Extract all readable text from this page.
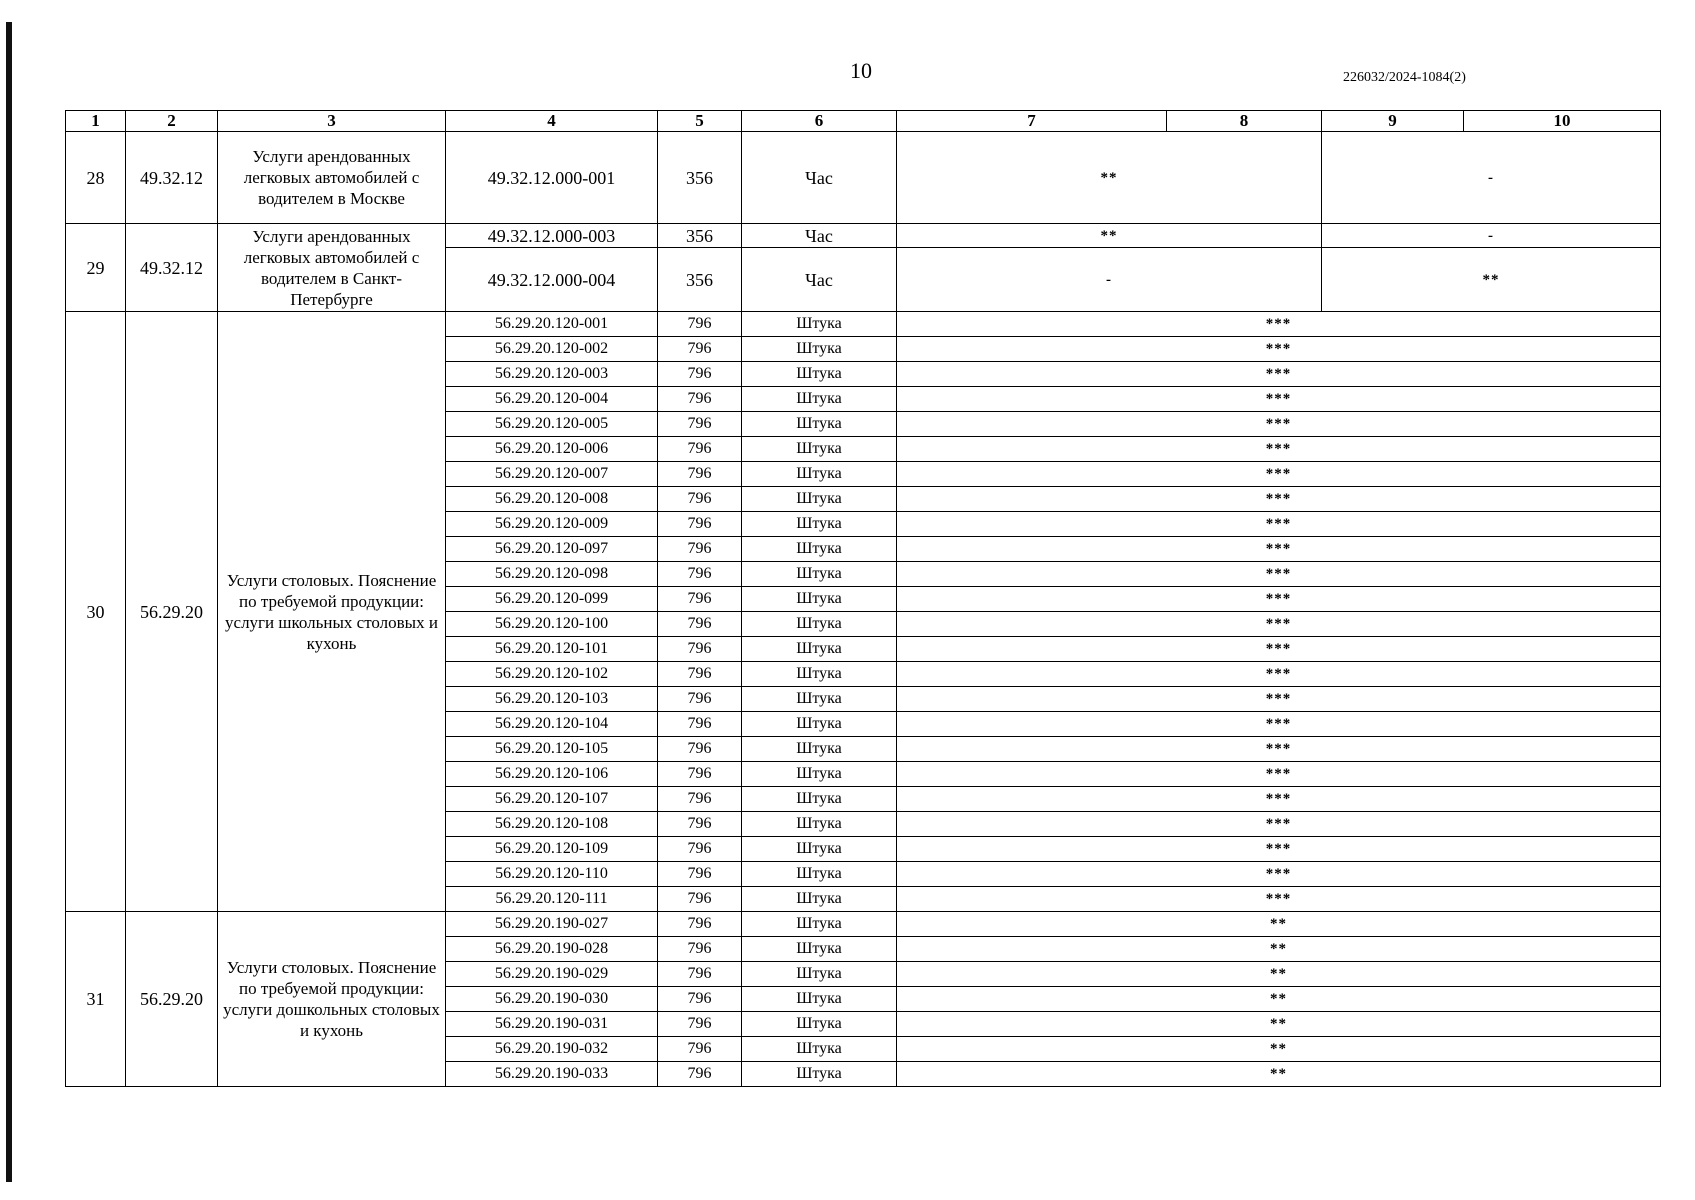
10	226032/2024-1084(2)
1	2	3	4	5	6	7	8	9	10
28	49.32.12	Услуги арендованных легковых автомобилей с водителем в Москве	49.32.12.000-001	356	Час	**		-	
29	49.32.12	Услуги арендованных легковых автомобилей с водителем в Санкт-Петербурге	49.32.12.000-003	356	Час	**		-	
			49.32.12.000-004	356	Час	-		**	
30	56.29.20	Услуги столовых. Пояснение по требуемой продукции: услуги школьных столовых и кухонь	56.29.20.120-001	796	Штука	***			
			56.29.20.120-002	796	Штука	***			
			56.29.20.120-003	796	Штука	***			
			56.29.20.120-004	796	Штука	***			
			56.29.20.120-005	796	Штука	***			
			56.29.20.120-006	796	Штука	***			
			56.29.20.120-007	796	Штука	***			
			56.29.20.120-008	796	Штука	***			
			56.29.20.120-009	796	Штука	***			
			56.29.20.120-097	796	Штука	***			
			56.29.20.120-098	796	Штука	***			
			56.29.20.120-099	796	Штука	***			
			56.29.20.120-100	796	Штука	***			
			56.29.20.120-101	796	Штука	***			
			56.29.20.120-102	796	Штука	***			
			56.29.20.120-103	796	Штука	***			
			56.29.20.120-104	796	Штука	***			
			56.29.20.120-105	796	Штука	***			
			56.29.20.120-106	796	Штука	***			
			56.29.20.120-107	796	Штука	***			
			56.29.20.120-108	796	Штука	***			
			56.29.20.120-109	796	Штука	***			
			56.29.20.120-110	796	Штука	***			
			56.29.20.120-111	796	Штука	***			
31	56.29.20	Услуги столовых. Пояснение по требуемой продукции: услуги дошкольных столовых и кухонь	56.29.20.190-027	796	Штука	**			
			56.29.20.190-028	796	Штука	**			
			56.29.20.190-029	796	Штука	**			
			56.29.20.190-030	796	Штука	**			
			56.29.20.190-031	796	Штука	**			
			56.29.20.190-032	796	Штука	**			
			56.29.20.190-033	796	Штука	**			
